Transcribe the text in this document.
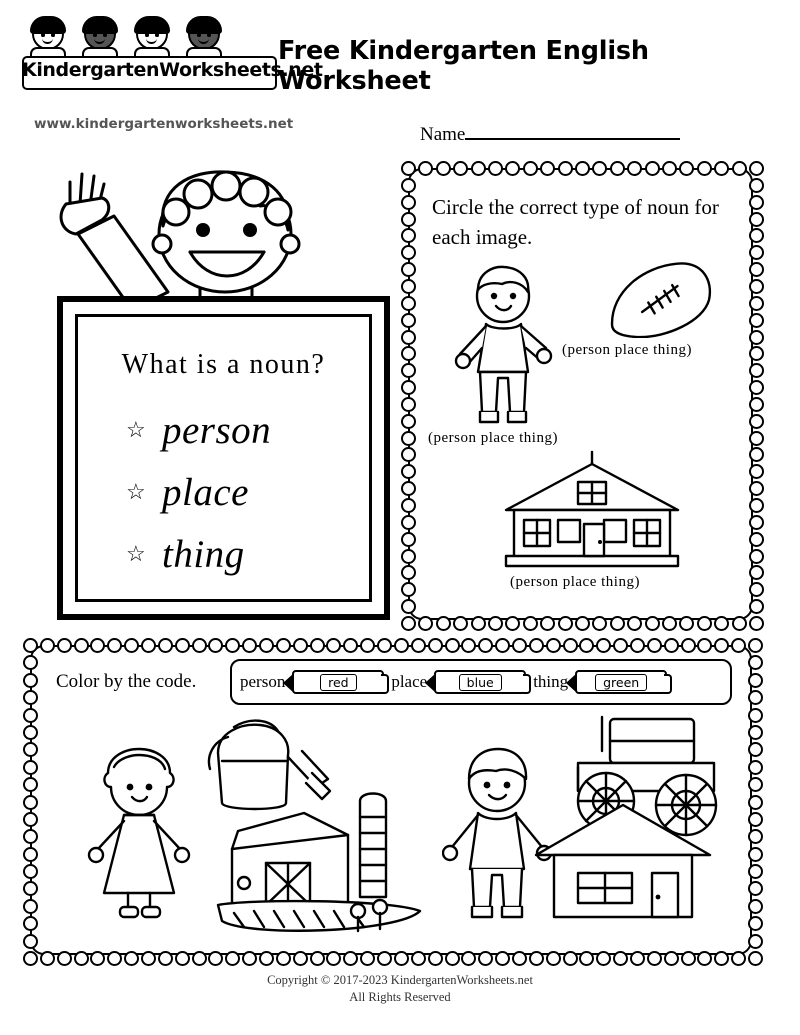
KindergartenWorksheets.net
www.kindergartenworksheets.net
Free Kindergarten English Worksheet
Name
What is a noun?
☆ person
☆ place
☆ thing
Circle the correct type of noun for each image.
(person place thing)
(person place thing)
(person place thing)
Color by the code.	person	red	place	blue	thing	green
Copyright © 2017-2023 KindergartenWorksheets.net
All Rights Reserved
